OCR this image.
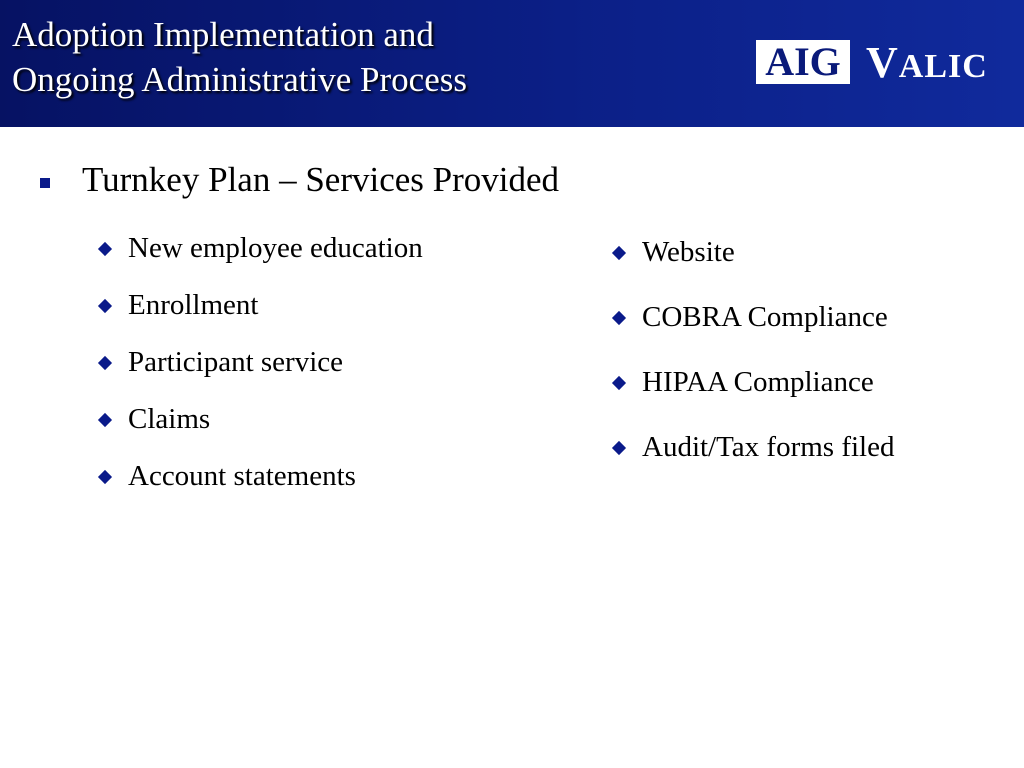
Adoption Implementation and
Ongoing Administrative Process	AIG VALIC
Turnkey Plan – Services Provided
New employee education
Enrollment
Participant service
Claims
Account statements
Website
COBRA Compliance
HIPAA Compliance
Audit/Tax forms filed
